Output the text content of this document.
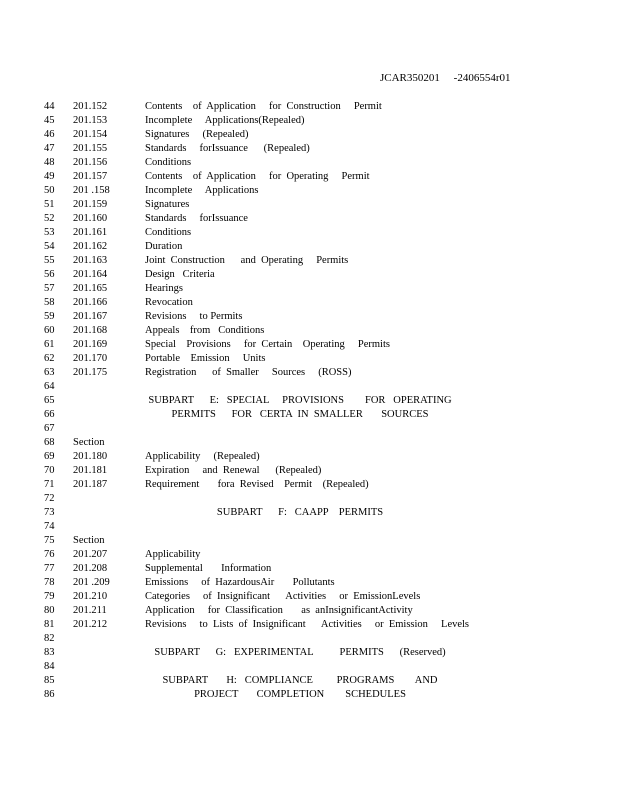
JCAR350201 -2406554r01
44 201.152	Contents    of  Application     for  Construction     Permit
45 201.153	Incomplete     Applications(Repealed)
46 201.154	Signatures     (Repealed)
47 201.155	Standards     forIssuance      (Repealed)
48 201.156	Conditions
49 201.157	Contents    of  Application     for  Operating     Permit
50 201 .158	Incomplete     Applications
51 201.159	Signatures
52 201.160	Standards     forIssuance
53 201.161	Conditions
54 201.162	Duration
55 201.163	Joint  Construction      and  Operating     Permits
56 201.164	Design   Criteria
57 201.165	Hearings
58 201.166	Revocation
59 201.167	Revisions     to Permits
60 201.168	Appeals    from   Conditions
61 201.169	Special    Provisions     for  Certain    Operating     Permits
62 201.170	Portable    Emission     Units
63 201.175	Registration      of  Smaller     Sources     (ROSS)
64
65	SUBPART      E:   SPECIAL     PROVISIONS        FOR   OPERATING
66	PERMITS      FOR   CERTA  IN  SMALLER       SOURCES
67
68 Section
69 201.180	Applicability     (Repealed)
70 201.181	Expiration     and  Renewal      (Repealed)
71 201.187	Requirement       fora  Revised    Permit    (Repealed)
72
73	SUBPART      F:   CAAPP    PERMITS
74
75 Section
76 201.207	Applicability
77 201.208	Supplemental       Information
78 201 .209	Emissions     of  HazardousAir       Pollutants
79 201.210	Categories     of  Insignificant      Activities     or  EmissionLevels
80 201.211	Application     for  Classification       as  anInsignificantActivity
81 201.212	Revisions     to  Lists  of  Insignificant      Activities     or  Emission     Levels
82
83	SUBPART      G:   EXPERIMENTAL          PERMITS      (Reserved)
84
85	SUBPART       H:   COMPLIANCE         PROGRAMS        AND
86	PROJECT       COMPLETION        SCHEDULES
